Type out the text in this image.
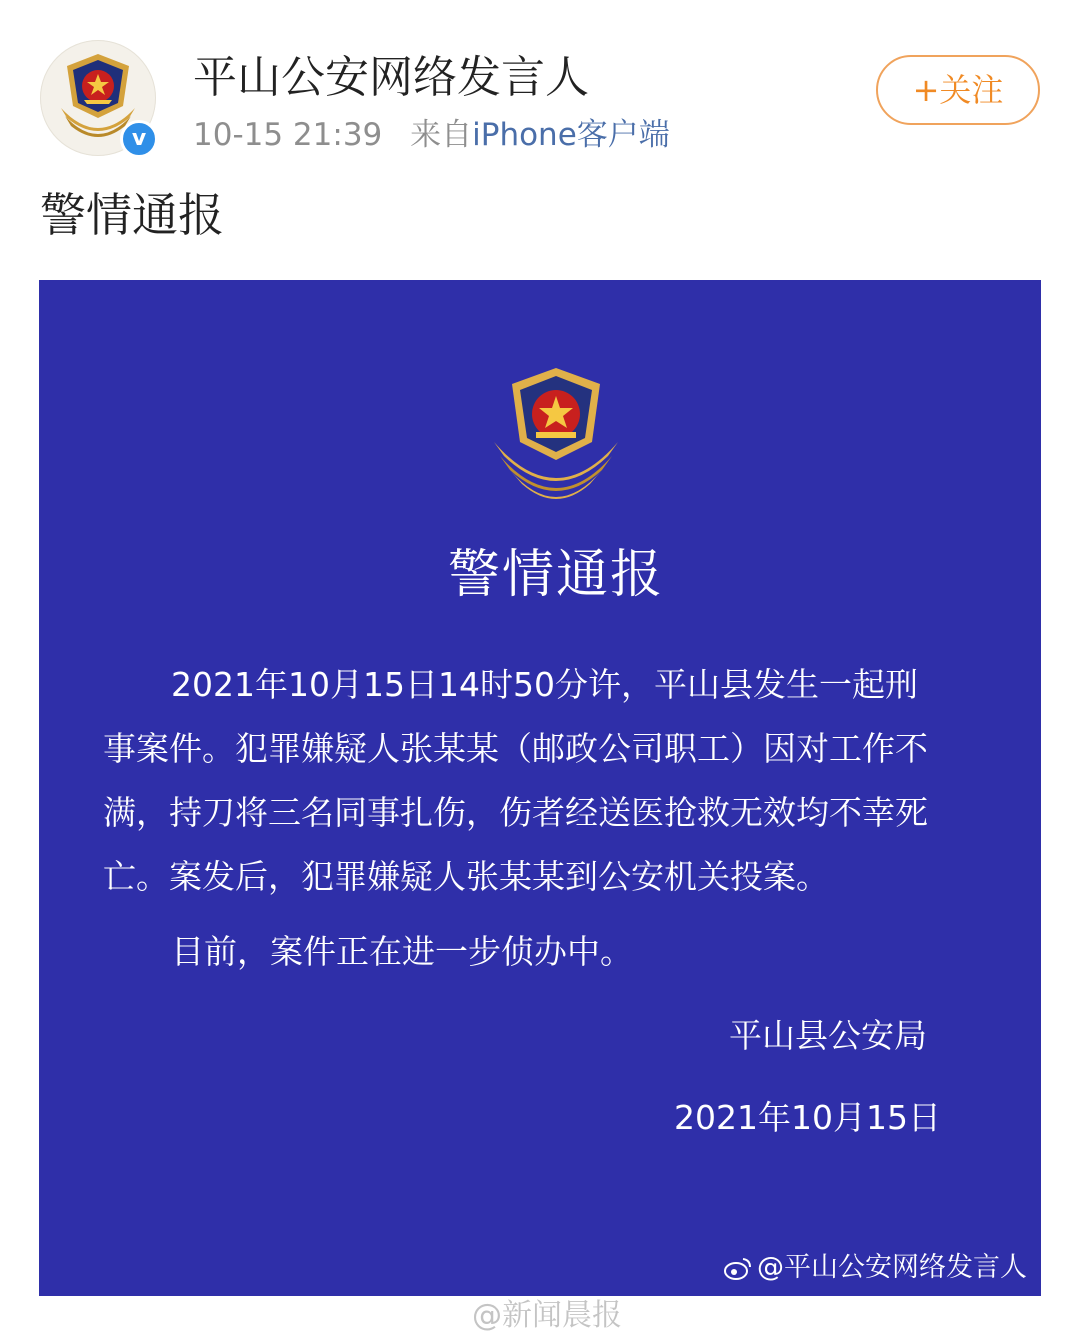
v
平山公安网络发言人
10-15 21:39 来自iPhone客户端
+关注
警情通报
警情通报

2021年10月15日14时50分许，平山县发生一起刑事案件。犯罪嫌疑人张某某（邮政公司职工）因对工作不满，持刀将三名同事扎伤，伤者经送医抢救无效均不幸死亡。案发后，犯罪嫌疑人张某某到公安机关投案。

目前，案件正在进一步侦办中。

平山县公安局
2021年10月15日
@平山公安网络发言人
@新闻晨报
